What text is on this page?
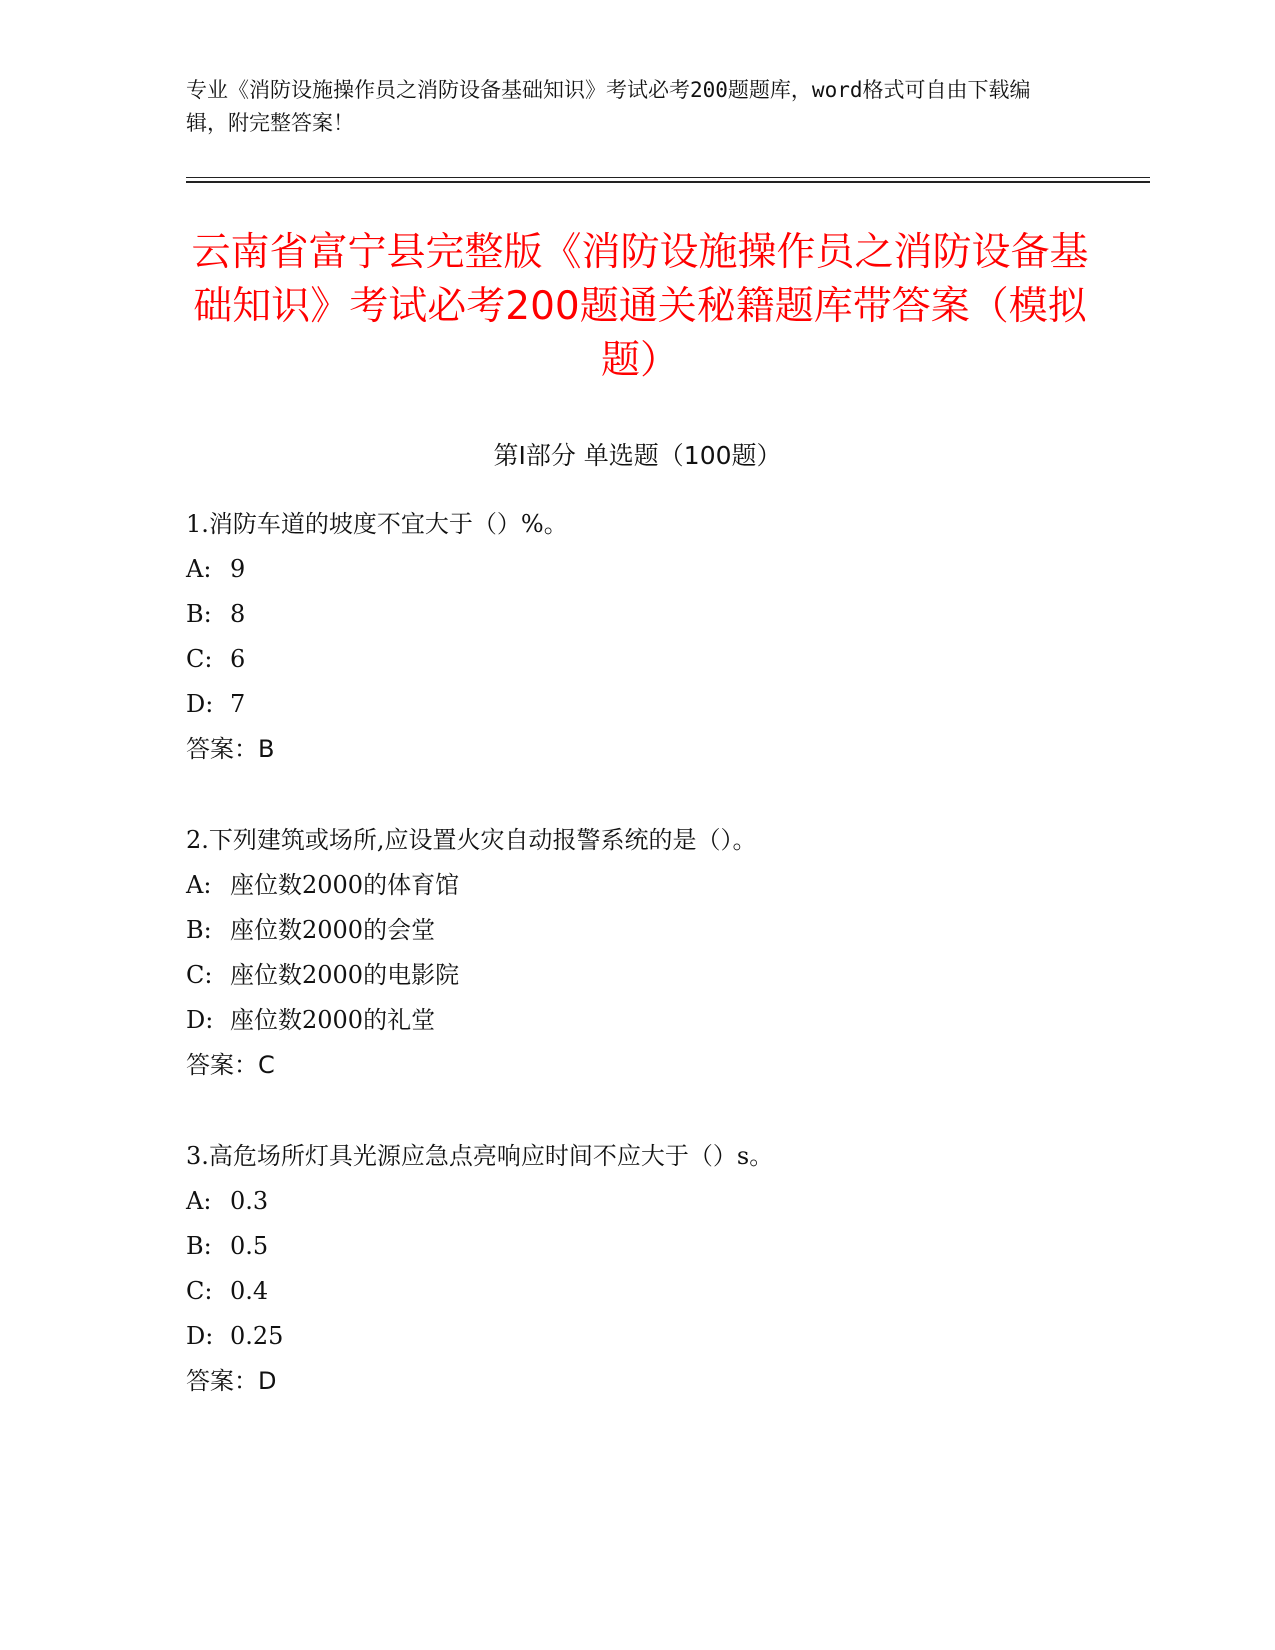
专业《消防设施操作员之消防设备基础知识》考试必考200题题库，word格式可自由下载编辑，附完整答案！
云南省富宁县完整版《消防设施操作员之消防设备基础知识》考试必考200题通关秘籍题库带答案（模拟题）
第I部分 单选题（100题）
1.消防车道的坡度不宜大于（）%。
A: 9
B: 8
C: 6
D: 7
答案：B
2.下列建筑或场所,应设置火灾自动报警系统的是（）。
A: 座位数2000的体育馆
B: 座位数2000的会堂
C: 座位数2000的电影院
D: 座位数2000的礼堂
答案：C
3.高危场所灯具光源应急点亮响应时间不应大于（）s。
A: 0.3
B: 0.5
C: 0.4
D: 0.25
答案：D
